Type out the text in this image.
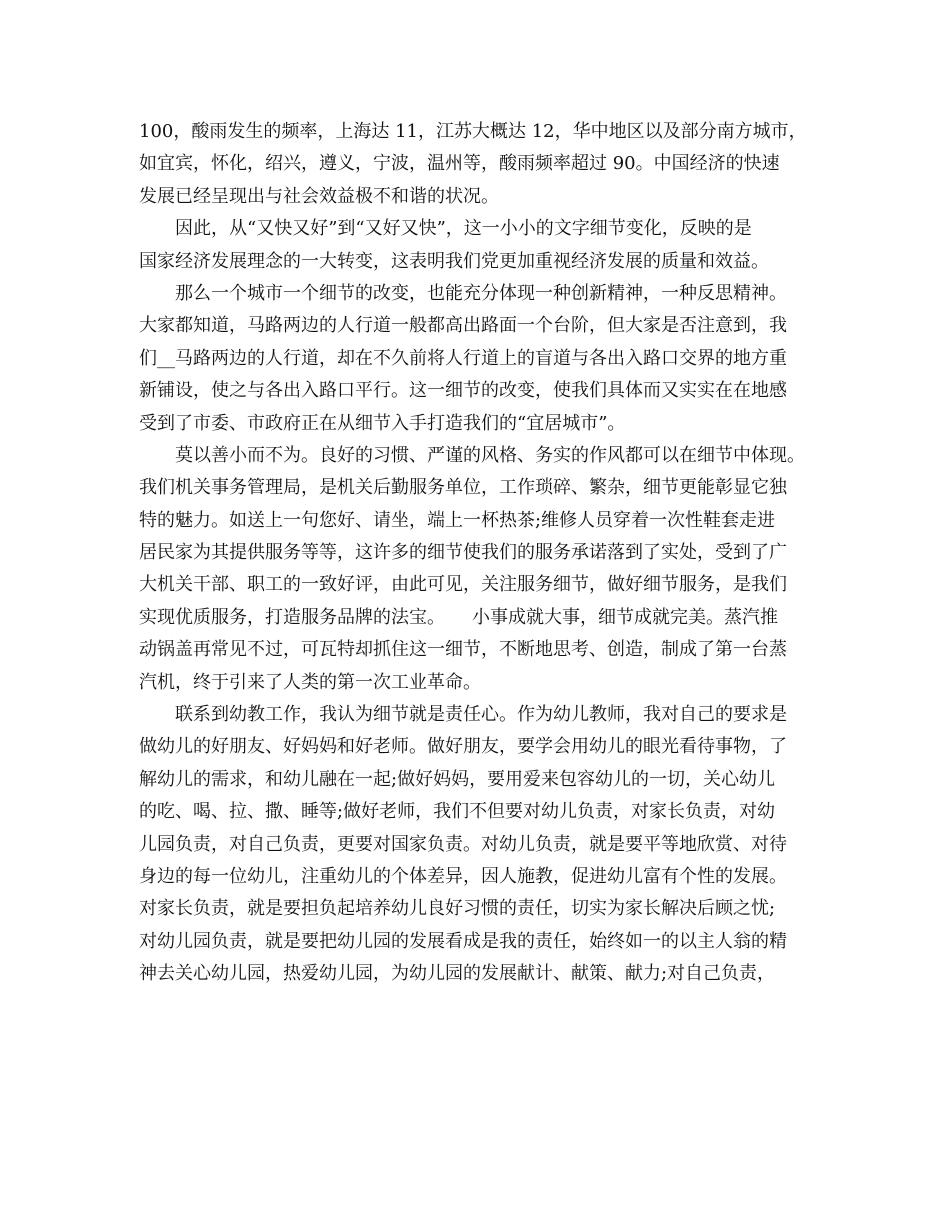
100，酸雨发生的频率，上海达 11，江苏大概达 12，华中地区以及部分南方城市，
如宜宾，怀化，绍兴，遵义，宁波，温州等，酸雨频率超过 90。中国经济的快速
发展已经呈现出与社会效益极不和谐的状况。
　　因此，从“又快又好”到“又好又快”，这一小小的文字细节变化，反映的是
国家经济发展理念的一大转变，这表明我们党更加重视经济发展的质量和效益。
　　那么一个城市一个细节的改变，也能充分体现一种创新精神，一种反思精神。
大家都知道，马路两边的人行道一般都高出路面一个台阶，但大家是否注意到，我
们__马路两边的人行道，却在不久前将人行道上的盲道与各出入路口交界的地方重
新铺设，使之与各出入路口平行。这一细节的改变，使我们具体而又实实在在地感
受到了市委、市政府正在从细节入手打造我们的“宜居城市”。
　　莫以善小而不为。良好的习惯、严谨的风格、务实的作风都可以在细节中体现。
我们机关事务管理局，是机关后勤服务单位，工作琐碎、繁杂，细节更能彰显它独
特的魅力。如送上一句您好、请坐，端上一杯热茶;维修人员穿着一次性鞋套走进
居民家为其提供服务等等，这许多的细节使我们的服务承诺落到了实处，受到了广
大机关干部、职工的一致好评，由此可见，关注服务细节，做好细节服务，是我们
实现优质服务，打造服务品牌的法宝。　　小事成就大事，细节成就完美。蒸汽推
动锅盖再常见不过，可瓦特却抓住这一细节，不断地思考、创造，制成了第一台蒸
汽机，终于引来了人类的第一次工业革命。
　　联系到幼教工作，我认为细节就是责任心。作为幼儿教师，我对自己的要求是
做幼儿的好朋友、好妈妈和好老师。做好朋友，要学会用幼儿的眼光看待事物，了
解幼儿的需求，和幼儿融在一起;做好妈妈，要用爱来包容幼儿的一切，关心幼儿
的吃、喝、拉、撒、睡等;做好老师，我们不但要对幼儿负责，对家长负责，对幼
儿园负责，对自己负责，更要对国家负责。对幼儿负责，就是要平等地欣赏、对待
身边的每一位幼儿，注重幼儿的个体差异，因人施教，促进幼儿富有个性的发展。
对家长负责，就是要担负起培养幼儿良好习惯的责任，切实为家长解决后顾之忧;
对幼儿园负责，就是要把幼儿园的发展看成是我的责任，始终如一的以主人翁的精
神去关心幼儿园，热爱幼儿园，为幼儿园的发展献计、献策、献力;对自己负责，
